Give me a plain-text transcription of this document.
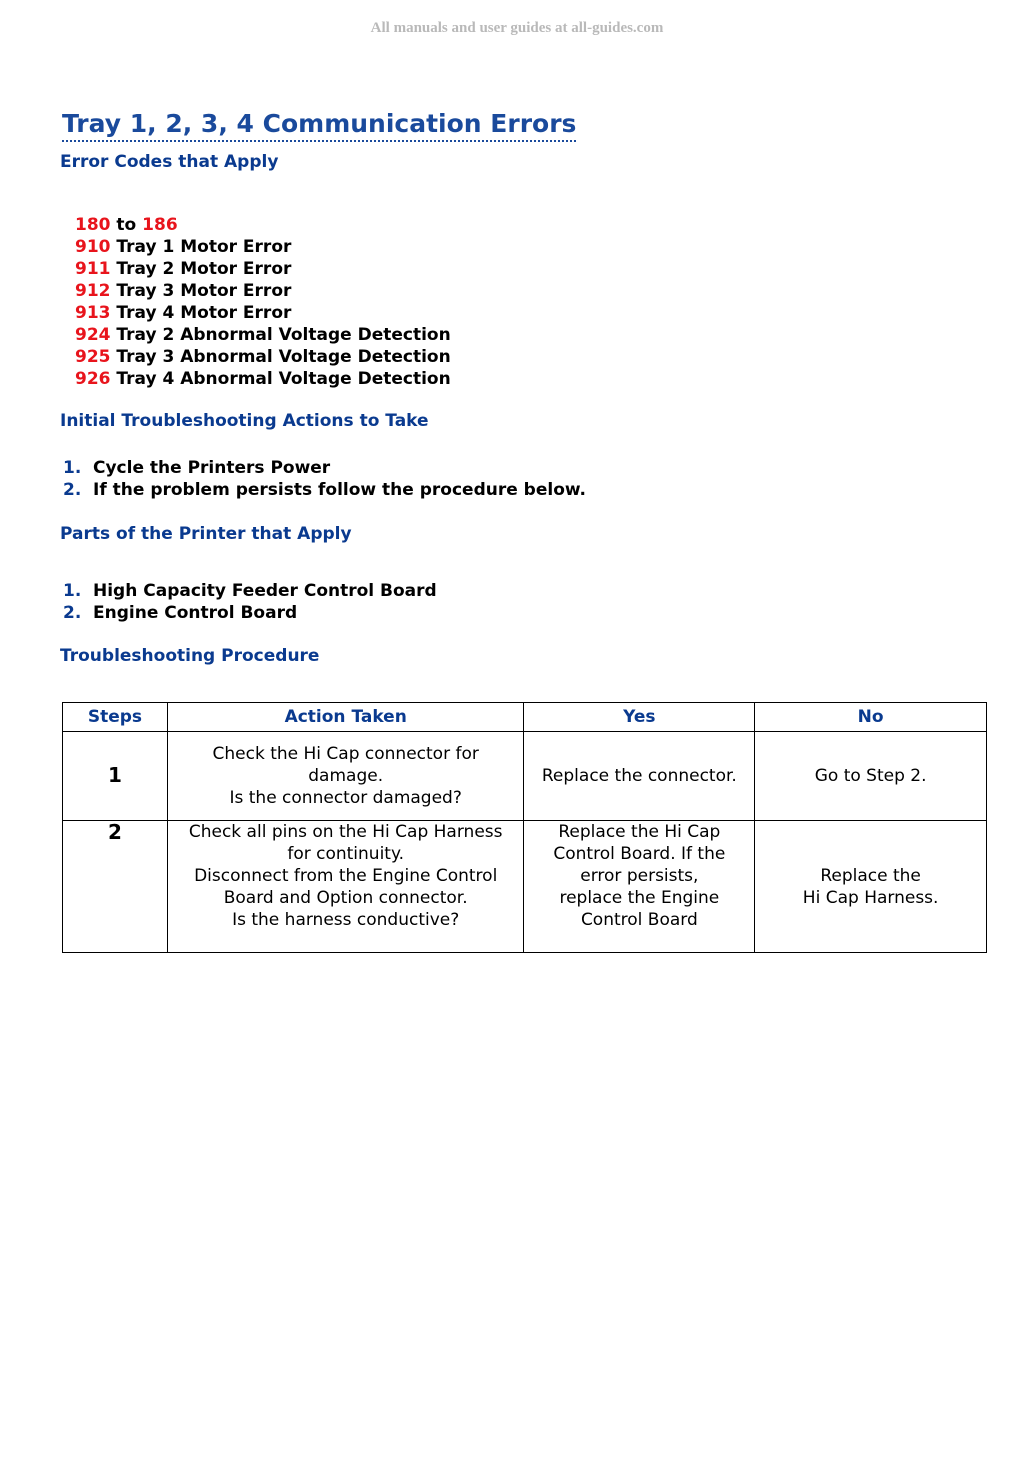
All manuals and user guides at all-guides.com
Tray 1, 2, 3, 4 Communication Errors
Error Codes that Apply
180 to 186
910 Tray 1 Motor Error
911 Tray 2 Motor Error
912 Tray 3 Motor Error
913 Tray 4 Motor Error
924 Tray 2 Abnormal Voltage Detection
925 Tray 3 Abnormal Voltage Detection
926 Tray 4 Abnormal Voltage Detection
Initial Troubleshooting Actions to Take
1. Cycle the Printers Power
2. If the problem persists follow the procedure below.
Parts of the Printer that Apply
1. High Capacity Feeder Control Board
2. Engine Control Board
Troubleshooting Procedure
Steps	Action Taken	Yes	No
1	Check the Hi Cap connector for
damage.
Is the connector damaged?	Replace the connector.	Go to Step 2.

2	Check all pins on the Hi Cap Harness
for continuity.
Disconnect from the Engine Control
Board and Option connector.
Is the harness conductive?	Replace the Hi Cap
Control Board. If the
error persists,
replace the Engine
Control Board	Replace the
Hi Cap Harness.
